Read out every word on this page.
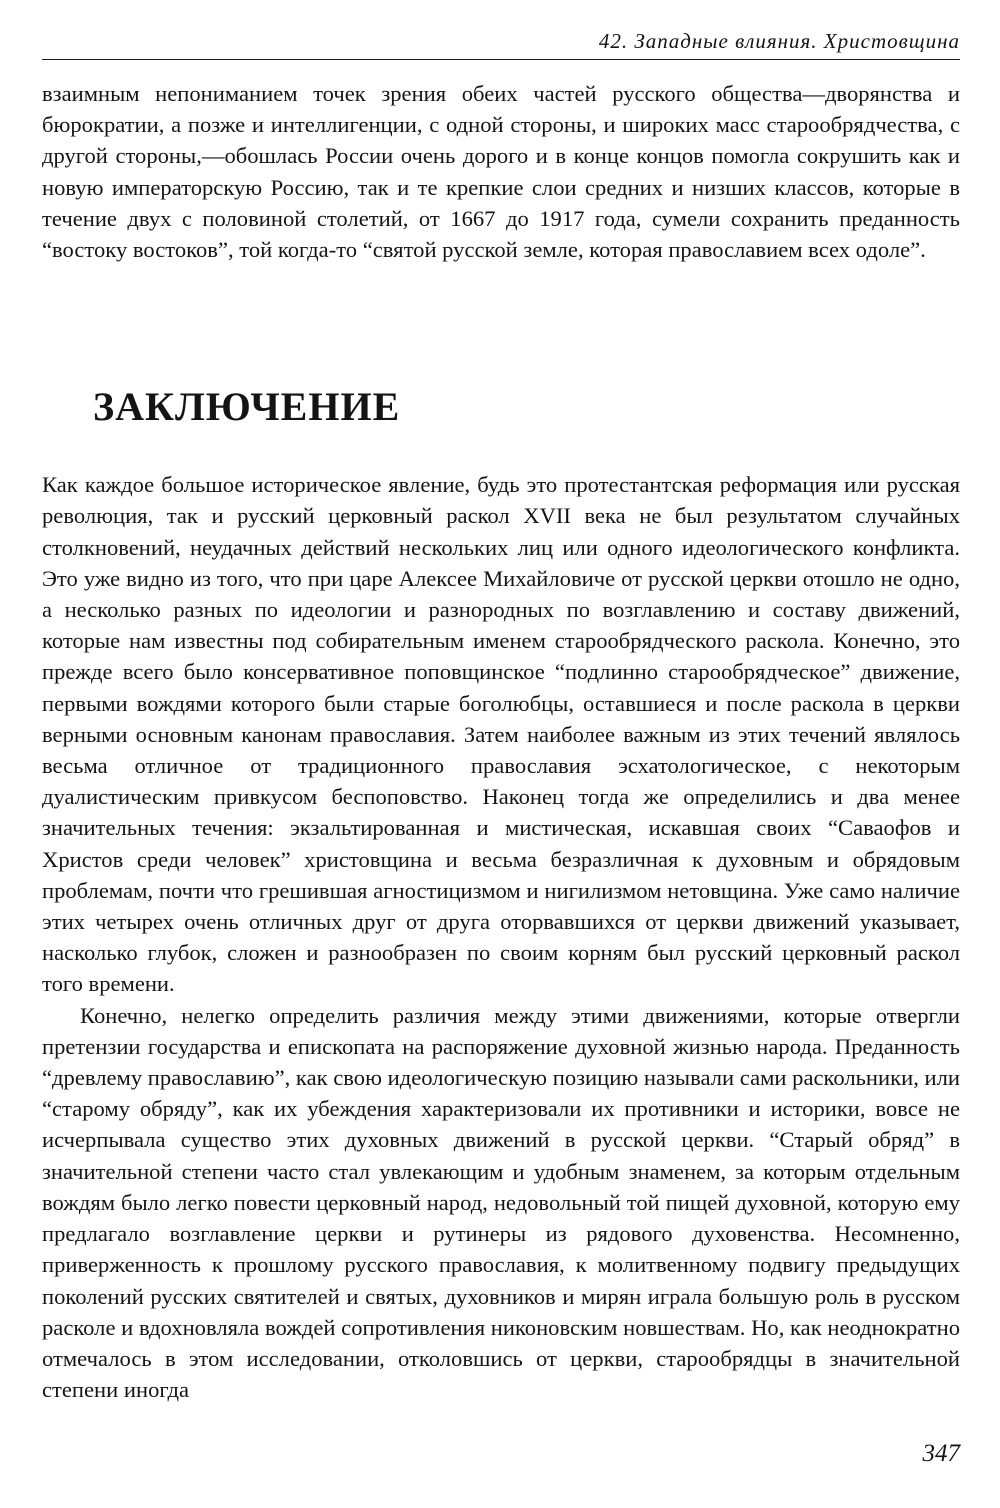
42. Западные влияния. Христовщина

взаимным непониманием точек зрения обеих частей русского общества—дворянства и бюрократии, а позже и интеллигенции, с одной стороны, и широких масс старообрядчества, с другой стороны,—обошлась России очень дорого и в конце концов помогла сокрушить как и новую императорскую Россию, так и те крепкие слои средних и низших классов, которые в течение двух с половиной столетий, от 1667 до 1917 года, сумели сохранить преданность “востоку востоков”, той когда-то “святой русской земле, которая православием всех одоле”.

ЗАКЛЮЧЕНИЕ

Как каждое большое историческое явление, будь это протестантская реформация или русская революция, так и русский церковный раскол XVII века не был результатом случайных столкновений, неудачных действий нескольких лиц или одного идеологического конфликта. Это уже видно из того, что при царе Алексее Михайловиче от русской церкви отошло не одно, а несколько разных по идеологии и разнородных по возглавлению и составу движений, которые нам известны под собирательным именем старообрядческого раскола. Конечно, это прежде всего было консервативное поповщинское “подлинно старообрядческое” движение, первыми вождями которого были старые боголюбцы, оставшиеся и после раскола в церкви верными основным канонам православия. Затем наиболее важным из этих течений являлось весьма отличное от традиционного православия эсхатологическое, с некоторым дуалистическим привкусом беспоповство. Наконец тогда же определились и два менее значительных течения: экзальтированная и мистическая, искавшая своих “Саваофов и Христов среди человек” христовщина и весьма безразличная к духовным и обрядовым проблемам, почти что грешившая агностицизмом и нигилизмом нетовщина. Уже само наличие этих четырех очень отличных друг от друга оторвавшихся от церкви движений указывает, насколько глубок, сложен и разнообразен по своим корням был русский церковный раскол того времени.

Конечно, нелегко определить различия между этими движениями, которые отвергли претензии государства и епископата на распоряжение духовной жизнью народа. Преданность “древлему православию”, как свою идеологическую позицию называли сами раскольники, или “старому обряду”, как их убеждения характеризовали их противники и историки, вовсе не исчерпывала существо этих духовных движений в русской церкви. “Старый обряд” в значительной степени часто стал увлекающим и удобным знаменем, за которым отдельным вождям было легко повести церковный народ, недовольный той пищей духовной, которую ему предлагало возглавление церкви и рутинеры из рядового духовенства. Несомненно, приверженность к прошлому русского православия, к молитвенному подвигу предыдущих поколений русских святителей и святых, духовников и мирян играла большую роль в русском расколе и вдохновляла вождей сопротивления никоновским новшествам. Но, как неоднократно отмечалось в этом исследовании, отколовшись от церкви, старообрядцы в значительной степени иногда

347
